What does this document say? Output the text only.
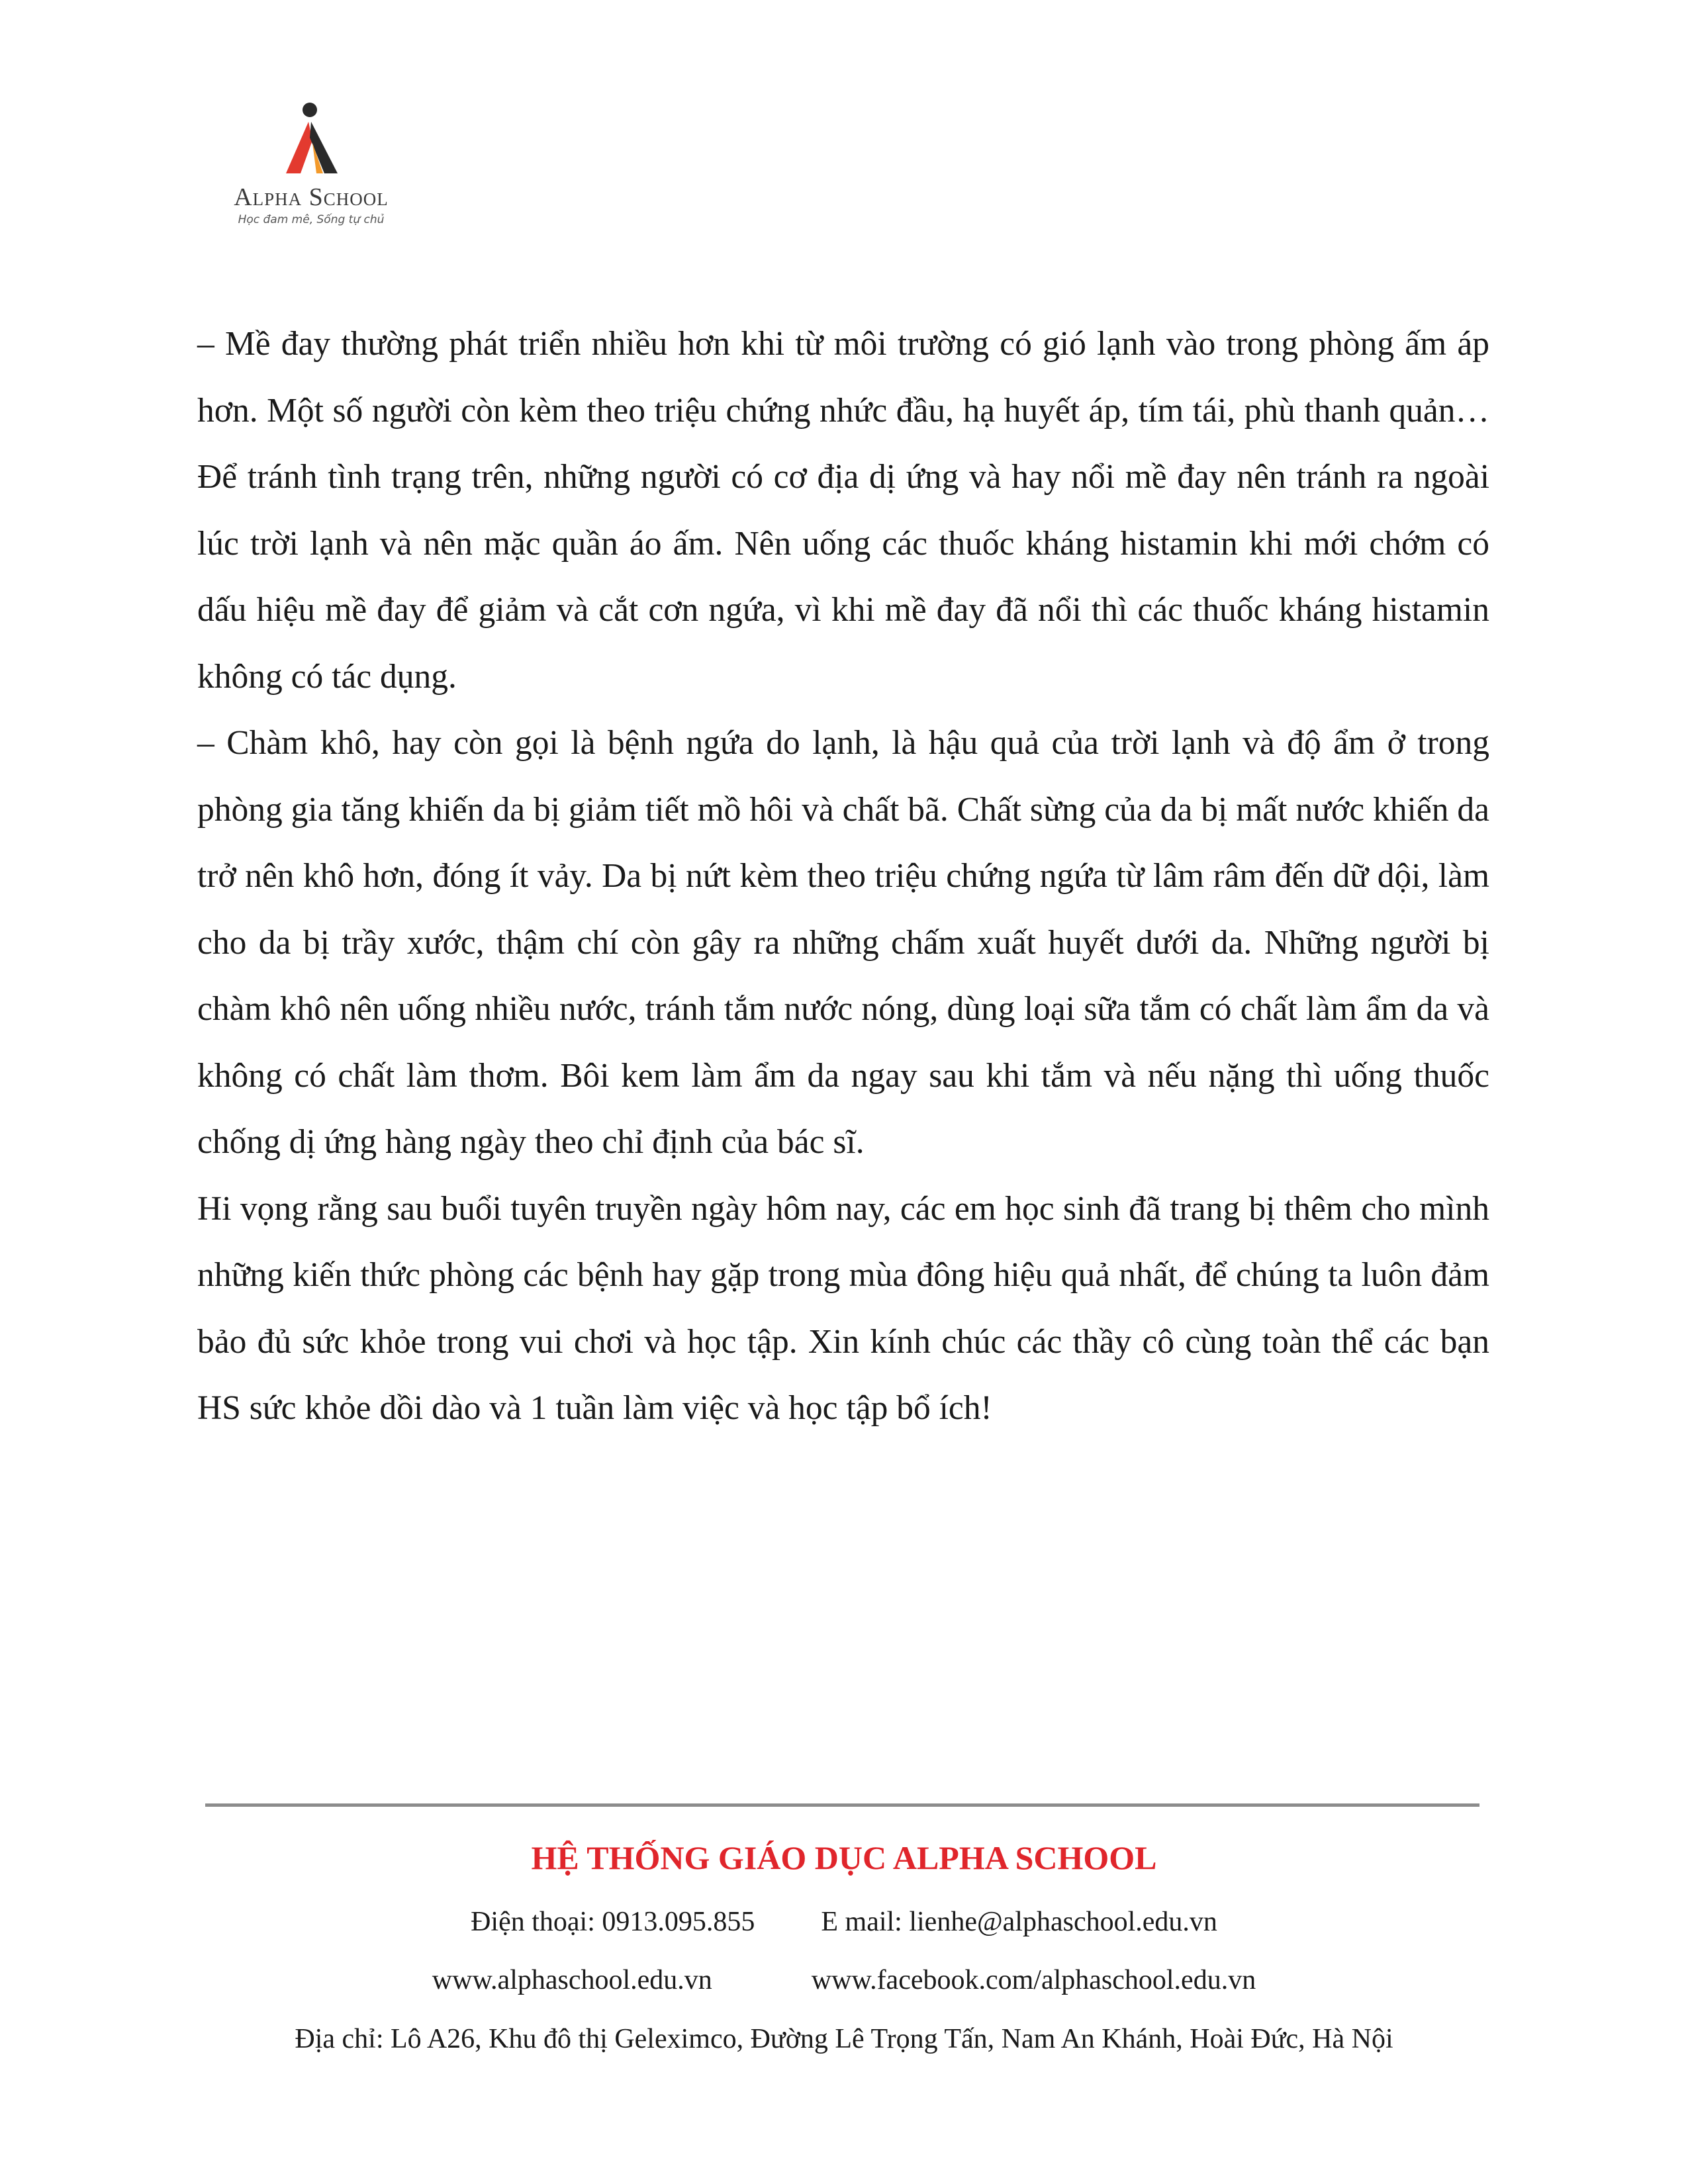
Alpha School
Học đam mê, Sống tự chủ

– Mề đay thường phát triển nhiều hơn khi từ môi trường có gió lạnh vào trong phòng ấm áp hơn. Một số người còn kèm theo triệu chứng nhức đầu, hạ huyết áp, tím tái, phù thanh quản… Để tránh tình trạng trên, những người có cơ địa dị ứng và hay nổi mề đay nên tránh ra ngoài lúc trời lạnh và nên mặc quần áo ấm. Nên uống các thuốc kháng histamin khi mới chớm có dấu hiệu mề đay để giảm và cắt cơn ngứa, vì khi mề đay đã nổi thì các thuốc kháng histamin không có tác dụng.

– Chàm khô, hay còn gọi là bệnh ngứa do lạnh, là hậu quả của trời lạnh và độ ẩm ở trong phòng gia tăng khiến da bị giảm tiết mồ hôi và chất bã. Chất sừng của da bị mất nước khiến da trở nên khô hơn, đóng ít vảy. Da bị nứt kèm theo triệu chứng ngứa từ lâm râm đến dữ dội, làm cho da bị trầy xước, thậm chí còn gây ra những chấm xuất huyết dưới da. Những người bị chàm khô nên uống nhiều nước, tránh tắm nước nóng, dùng loại sữa tắm có chất làm ẩm da và không có chất làm thơm. Bôi kem làm ẩm da ngay sau khi tắm và nếu nặng thì uống thuốc chống dị ứng hàng ngày theo chỉ định của bác sĩ.

Hi vọng rằng sau buổi tuyên truyền ngày hôm nay, các em học sinh đã trang bị thêm cho mình những kiến thức phòng các bệnh hay gặp trong mùa đông hiệu quả nhất, để chúng ta luôn đảm bảo đủ sức khỏe trong vui chơi và học tập. Xin kính chúc các thầy cô cùng toàn thể các bạn HS sức khỏe dồi dào và 1 tuần làm việc và học tập bổ ích!

HỆ THỐNG GIÁO DỤC ALPHA SCHOOL
Điện thoại: 0913.095.855 E mail: lienhe@alphaschool.edu.vn
www.alphaschool.edu.vn	www.facebook.com/alphaschool.edu.vn
Địa chỉ: Lô A26, Khu đô thị Geleximco, Đường Lê Trọng Tấn, Nam An Khánh, Hoài Đức, Hà Nội
